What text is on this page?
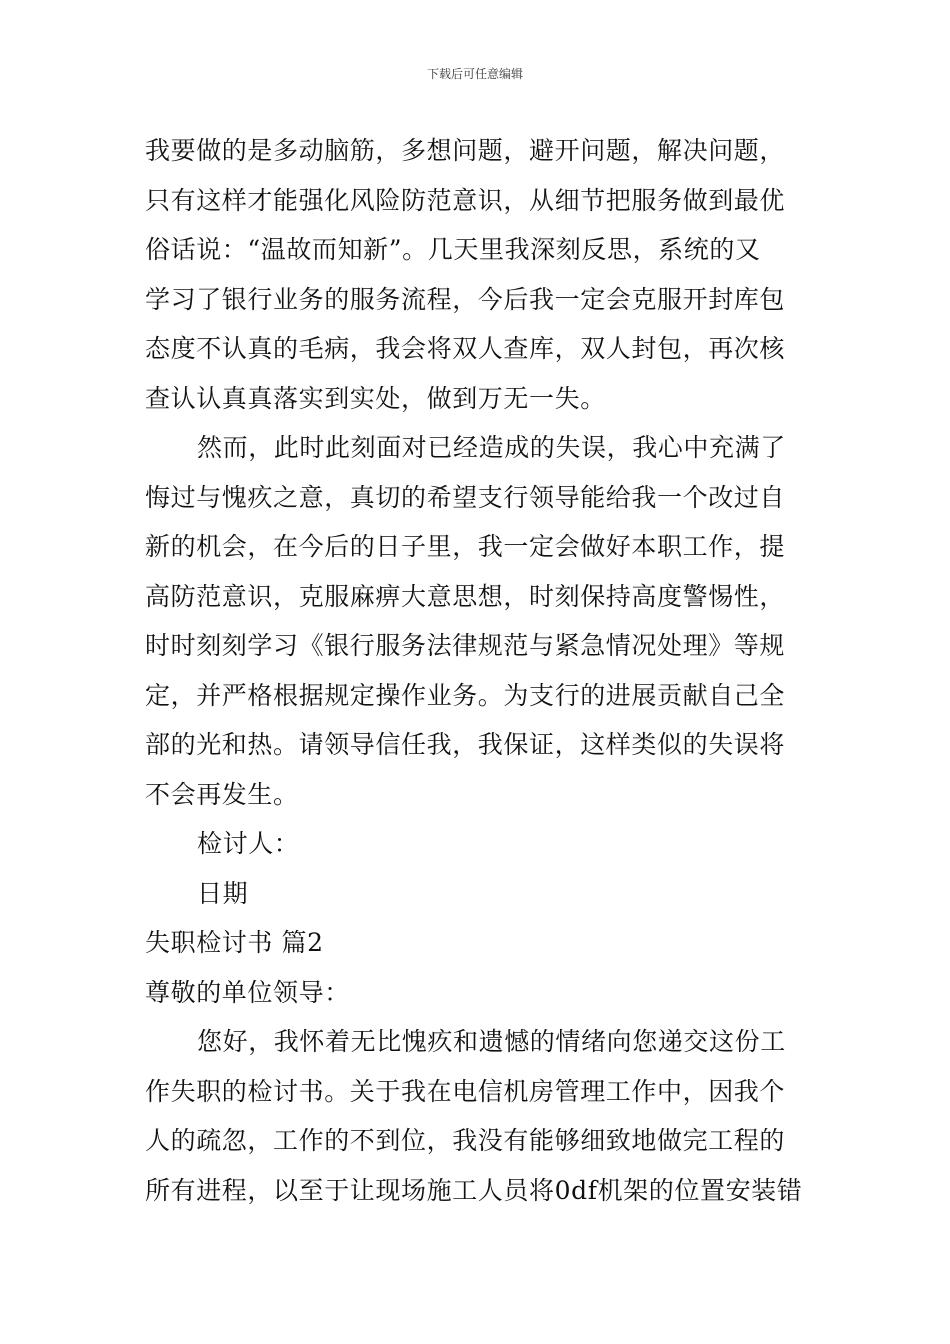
下载后可任意编辑
我要做的是多动脑筋，多想问题，避开问题，解决问题，
只有这样才能强化风险防范意识，从细节把服务做到最优
俗话说：“温故而知新”。几天里我深刻反思，系统的又
学习了银行业务的服务流程，今后我一定会克服开封库包
态度不认真的毛病，我会将双人查库，双人封包，再次核
查认认真真落实到实处，做到万无一失。
然而，此时此刻面对已经造成的失误，我心中充满了
悔过与愧疚之意，真切的希望支行领导能给我一个改过自
新的机会，在今后的日子里，我一定会做好本职工作，提
高防范意识，克服麻痹大意思想，时刻保持高度警惕性，
时时刻刻学习《银行服务法律规范与紧急情况处理》等规
定，并严格根据规定操作业务。为支行的进展贡献自己全
部的光和热。请领导信任我，我保证，这样类似的失误将
不会再发生。
检讨人：
日期
失职检讨书 篇2
尊敬的单位领导：
您好，我怀着无比愧疚和遗憾的情绪向您递交这份工
作失职的检讨书。关于我在电信机房管理工作中，因我个
人的疏忽，工作的不到位，我没有能够细致地做完工程的
所有进程，以至于让现场施工人员将0df机架的位置安装错
